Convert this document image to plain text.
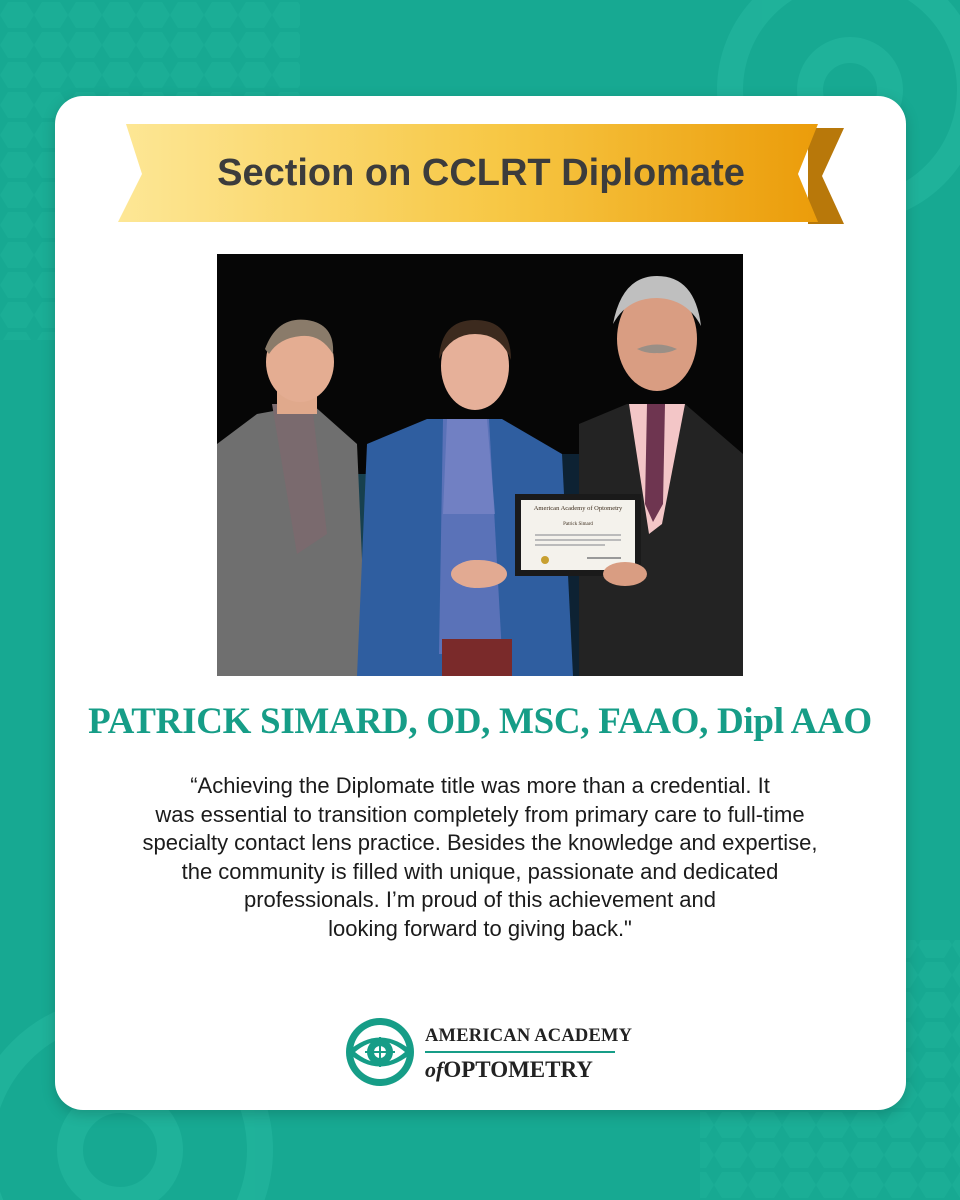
Section on CCLRT Diplomate
American Academy of Optometry
Patrick Simard
PATRICK SIMARD, OD, MSC, FAAO, Dipl AAO
“Achieving the Diplomate title was more than a credential. It
was essential to transition completely from primary care to full-time
specialty contact lens practice. Besides the knowledge and expertise,
the community is filled with unique, passionate and dedicated
professionals. I’m proud of this achievement and
looking forward to giving back."
AMERICAN ACADEMY
ofOPTOMETRY
